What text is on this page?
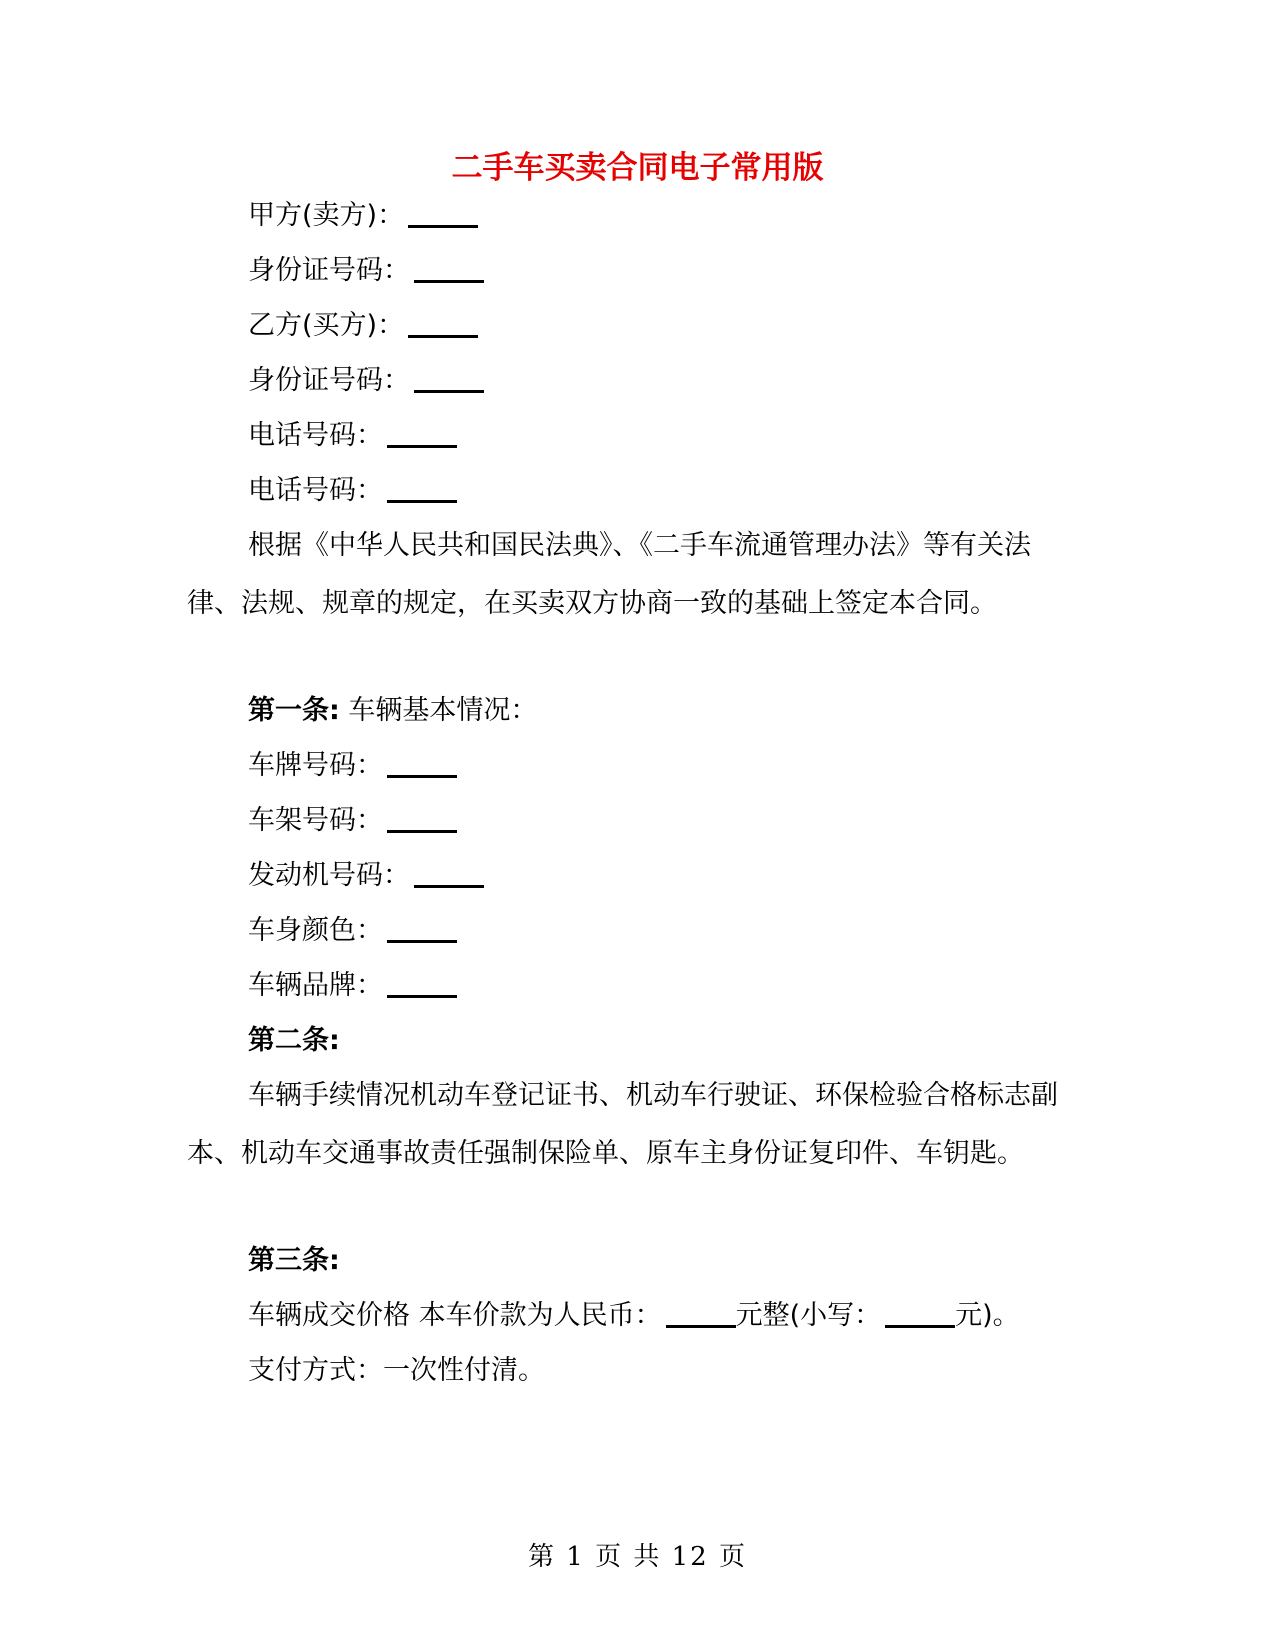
二手车买卖合同电子常用版
甲方(卖方)：
身份证号码：
乙方(买方)：
身份证号码：
电话号码：
电话号码：
根据《中华人民共和国民法典》、《二手车流通管理办法》等有关法律、法规、规章的规定，在买卖双方协商一致的基础上签定本合同。
第一条: 车辆基本情况：
车牌号码：
车架号码：
发动机号码：
车身颜色：
车辆品牌：
第二条:
车辆手续情况机动车登记证书、机动车行驶证、环保检验合格标志副本、机动车交通事故责任强制保险单、原车主身份证复印件、车钥匙。
第三条:
车辆成交价格 本车价款为人民币：	元整(小写：	元)。
支付方式：一次性付清。
第 1 页 共 12 页
